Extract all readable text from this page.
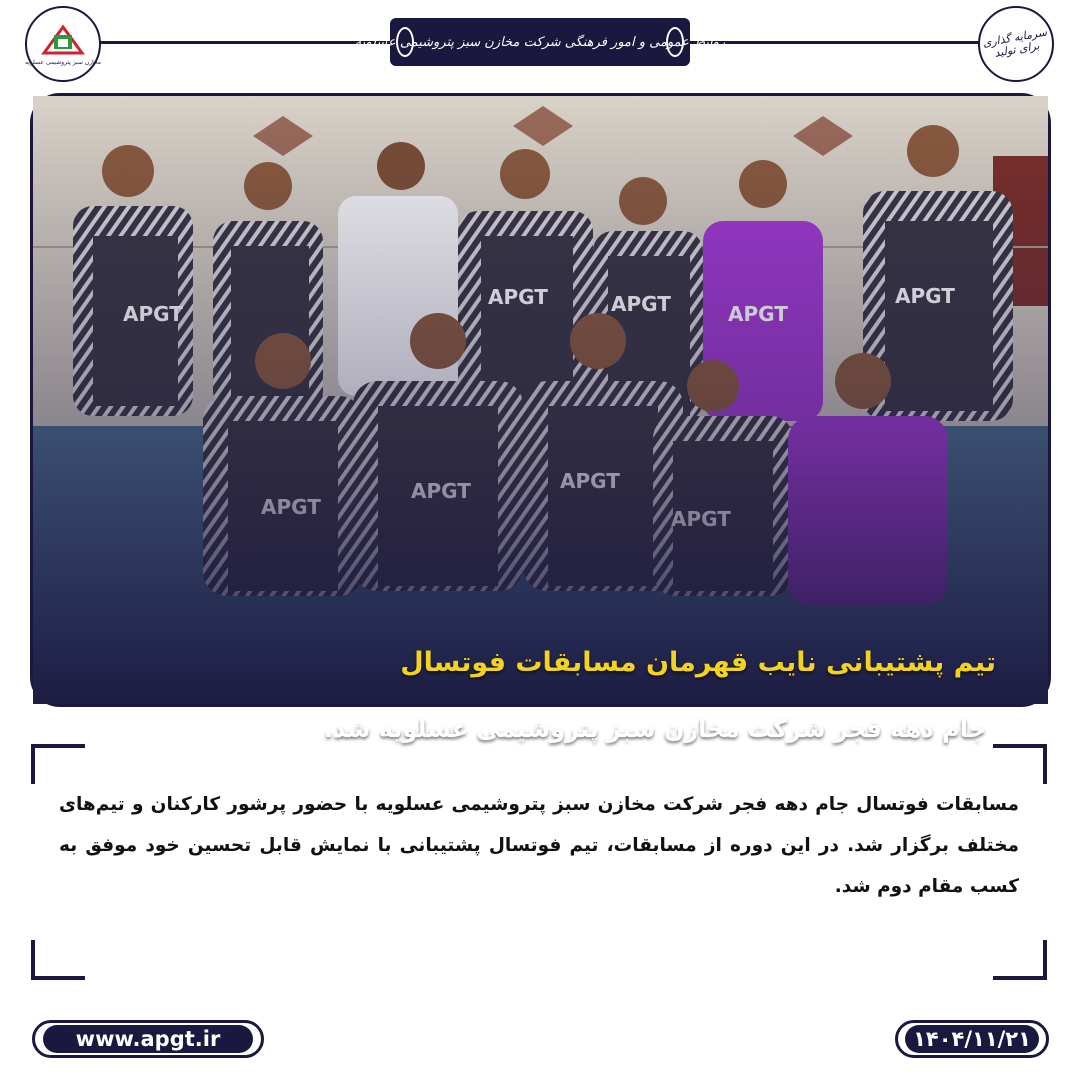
مخازن سبز پتروشیمی عسلویه
روابط عمومی و امور فرهنگی شرکت مخازن سبز پتروشیمی عسلویه	سرمایه گذاری برای تولید

تیم پشتیبانی نایب قهرمان مسابقات فوتسال

جام دهه فجر شرکت مخازن سبز پتروشیمی عسلویه شد.

مسابقات فوتسال جام دهه فجر شرکت مخازن سبز پتروشیمی عسلویه با حضور پرشور کارکنان و تیم‌های مختلف برگزار شد. در این دوره از مسابقات، تیم فوتسال پشتیبانی با نمایش قابل تحسین خود موفق به کسب مقام دوم شد.

www.apgt.ir	۱۴۰۴/۱۱/۲۱
